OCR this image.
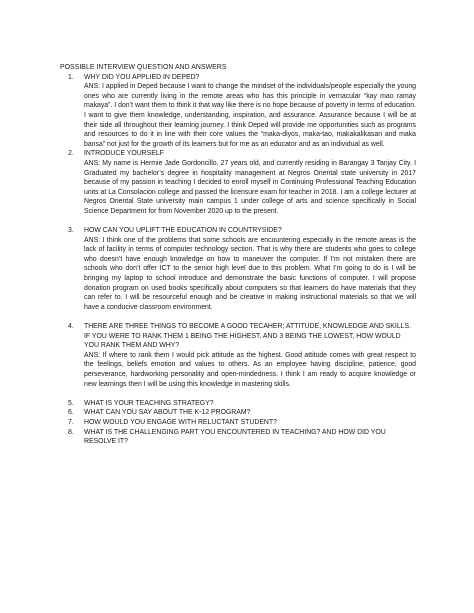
POSSIBLE INTERVIEW QUESTION AND ANSWERS
1. WHY DID YOU APPLIED IN DEPED?

ANS: I applied in Deped because I want to change the mindset of the individuals/people especially the young ones who are currently living in the remote areas who has this principle in vernacular “kay mao ramay makaya”. I don’t want them to think it that way like there is no hope because of poverty in terms of education. I want to give them knowledge, understanding, inspiration, and assurance. Assurance because I will be at their side all throughout their learning journey. I think Deped will provide me opportunities such as programs and resources to do it in line with their core values the “maka-diyos, maka-tao, makakalikasan and maka bansa” not just for the growth of its learners but for me as an educator and as an individual as well.

2. INTRODUCE YOURSELF

ANS: My name is Hermie Jade Gordoncillo, 27 years old, and currently residing in Barangay 3 Tanjay City. I Graduated my bachelor’s degree in hospitality management at Negros Oriental state university in 2017 because of my passion in teaching I decided to enroll myself in Continuing Professional Teaching Education units at La Consolacion college and passed the licensure exam for teacher in 2018. I am a college lecturer at Negros Oriental State university main campus 1 under college of arts and science specifically in Social Science Department for from November 2020 up to the present.

3. HOW CAN YOU UPLIFT THE EDUCATION IN COUNTRYSIDE?

ANS: I think one of the problems that some schools are encountering especially in the remote areas is the lack of facility in terms of computer technology section. That is why there are students who goes to college who doesn’t have enough knowledge on how to maneuver the computer. If I’m not mistaken there are schools who don’t offer ICT to the senior high level due to this problem. What I’m going to do is I will be bringing my laptop to school introduce and demonstrate the basic functions of computer. I will propose donation program on used books specifically about computers so that learners do have materials that they can refer to. I will be resourceful enough and be creative in making instructional materials so that we will have a conducive classroom environment.

4. THERE ARE THREE THINGS TO BECOME A GOOD TECAHER; ATTITUDE, KNOWLEDGE AND SKILLS. IF YOU WERE TO RANK THEM 1 BEING THE HIGHEST, AND 3 BEING THE LOWEST, HOW WOULD YOU RANK THEM AND WHY?

ANS: If where to rank them I would pick attitude as the highest. Good attitude comes with great respect to the feelings, beliefs emotion and values to others. As an employee having discipline, patience, good perseverance, hardworking personality and open-mindedness. I think I am ready to acquire knowledge or new learnings then I will be using this knowledge in mastering skills.

5. WHAT IS YOUR TEACHING STRATEGY?

6. WHAT CAN YOU SAY ABOUT THE K-12 PROGRAM?

7. HOW WOULD YOU ENGAGE WITH RELUCTANT STUDENT?

8. WHAT IS THE CHALLENGING PART YOU ENCOUNTERED IN TEACHING? AND HOW DID YOU RESOLVE IT?
